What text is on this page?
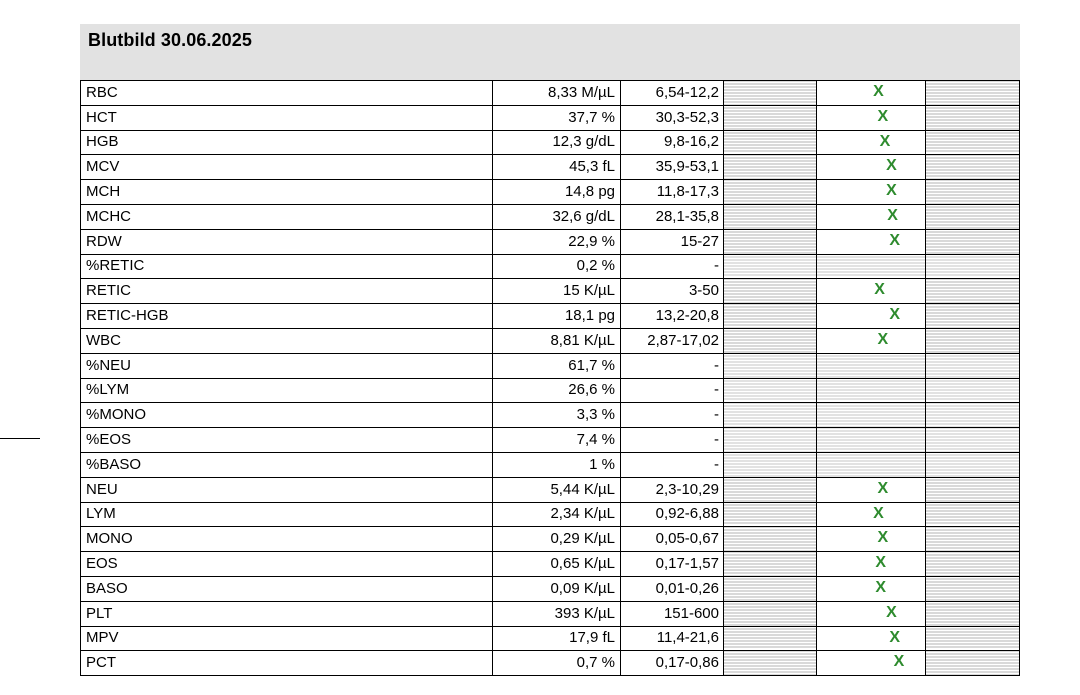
Blutbild 30.06.2025
RBC	8,33 M/µL	6,54-12,2		X	

HCT	37,7 %	30,3-52,3		X	

HGB	12,3 g/dL	9,8-16,2		X	

MCV	45,3 fL	35,9-53,1		X	

MCH	14,8 pg	11,8-17,3		X	

MCHC	32,6 g/dL	28,1-35,8		X	

RDW	22,9 %	15-27		X	

%RETIC	0,2 %	-			
RETIC	15 K/µL	3-50		X	

RETIC-HGB	18,1 pg	13,2-20,8		X	

WBC	8,81 K/µL	2,87-17,02		X	

%NEU	61,7 %	-			
%LYM	26,6 %	-			
%MONO	3,3 %	-			
%EOS	7,4 %	-			
%BASO	1 %	-			
NEU	5,44 K/µL	2,3-10,29		X	

LYM	2,34 K/µL	0,92-6,88		X	

MONO	0,29 K/µL	0,05-0,67		X	

EOS	0,65 K/µL	0,17-1,57		X	

BASO	0,09 K/µL	0,01-0,26		X	

PLT	393 K/µL	151-600		X	

MPV	17,9 fL	11,4-21,6		X	

PCT	0,7 %	0,17-0,86		X	
